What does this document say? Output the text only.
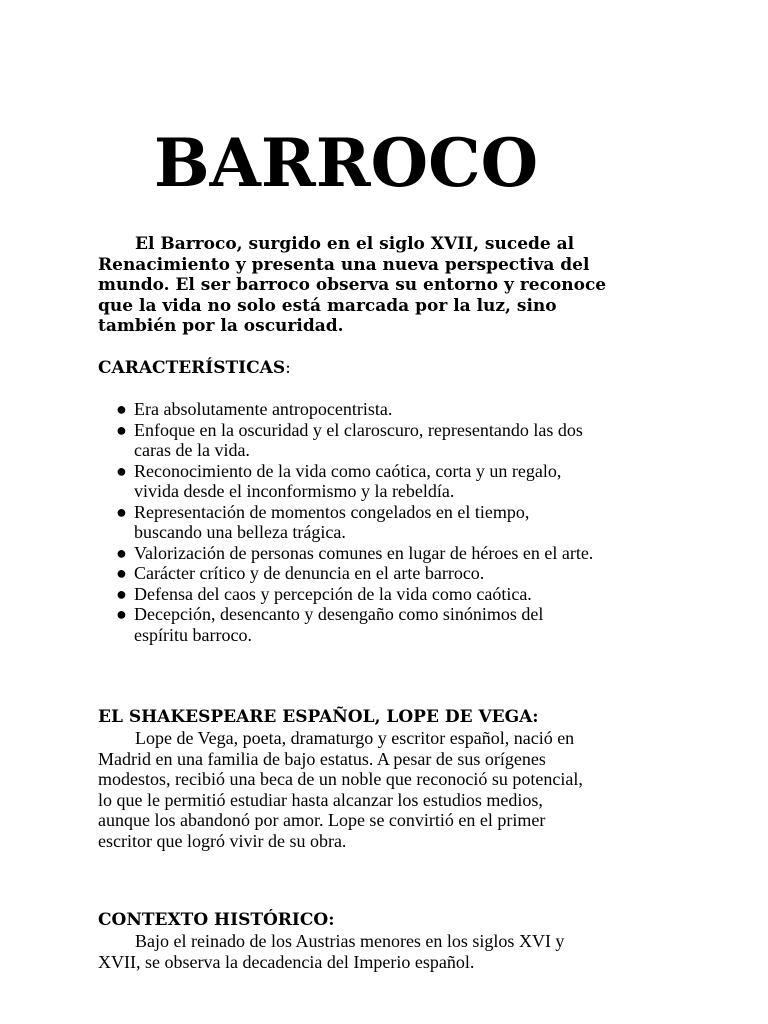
BARROCO

El Barroco, surgido en el siglo XVII, sucede al Renacimiento y presenta una nueva perspectiva del mundo. El ser barroco observa su entorno y reconoce que la vida no solo está marcada por la luz, sino también por la oscuridad.

CARACTERÍSTICAS:

● Era absolutamente antropocentrista.
● Enfoque en la oscuridad y el claroscuro, representando las dos caras de la vida.
● Reconocimiento de la vida como caótica, corta y un regalo, vivida desde el inconformismo y la rebeldía.
● Representación de momentos congelados en el tiempo, buscando una belleza trágica.
● Valorización de personas comunes en lugar de héroes en el arte.
● Carácter crítico y de denuncia en el arte barroco.
● Defensa del caos y percepción de la vida como caótica.
● Decepción, desencanto y desengaño como sinónimos del espíritu barroco.

EL SHAKESPEARE ESPAÑOL, LOPE DE VEGA:

Lope de Vega, poeta, dramaturgo y escritor español, nació en Madrid en una familia de bajo estatus. A pesar de sus orígenes modestos, recibió una beca de un noble que reconoció su potencial, lo que le permitió estudiar hasta alcanzar los estudios medios, aunque los abandonó por amor. Lope se convirtió en el primer escritor que logró vivir de su obra.

CONTEXTO HISTÓRICO:

Bajo el reinado de los Austrias menores en los siglos XVI y XVII, se observa la decadencia del Imperio español.
